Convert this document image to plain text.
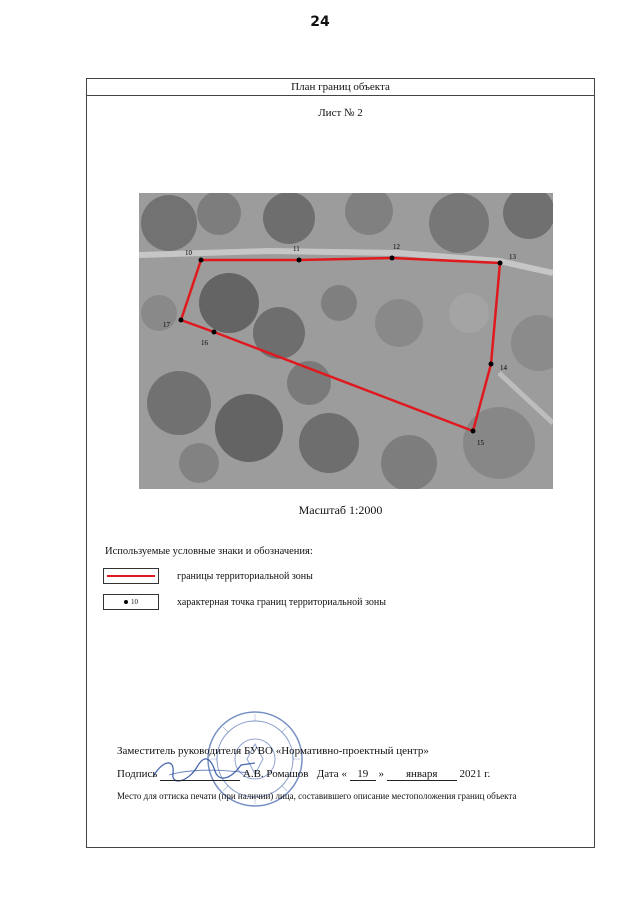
24
План границ объекта
Лист № 2
10	11	12
13
14
15
16
17
Масштаб 1:2000
Используемые условные знаки и обозначения:
границы территориальной зоны
10	характерная точка границ территориальной зоны
Заместитель руководителя БУВО «Нормативно-проектный центр»
Подпись	А.В. Ромашов Дата « 19 » января 2021 г.
Место для оттиска печати (при наличии) лица, составившего описание местоположения границ объекта
